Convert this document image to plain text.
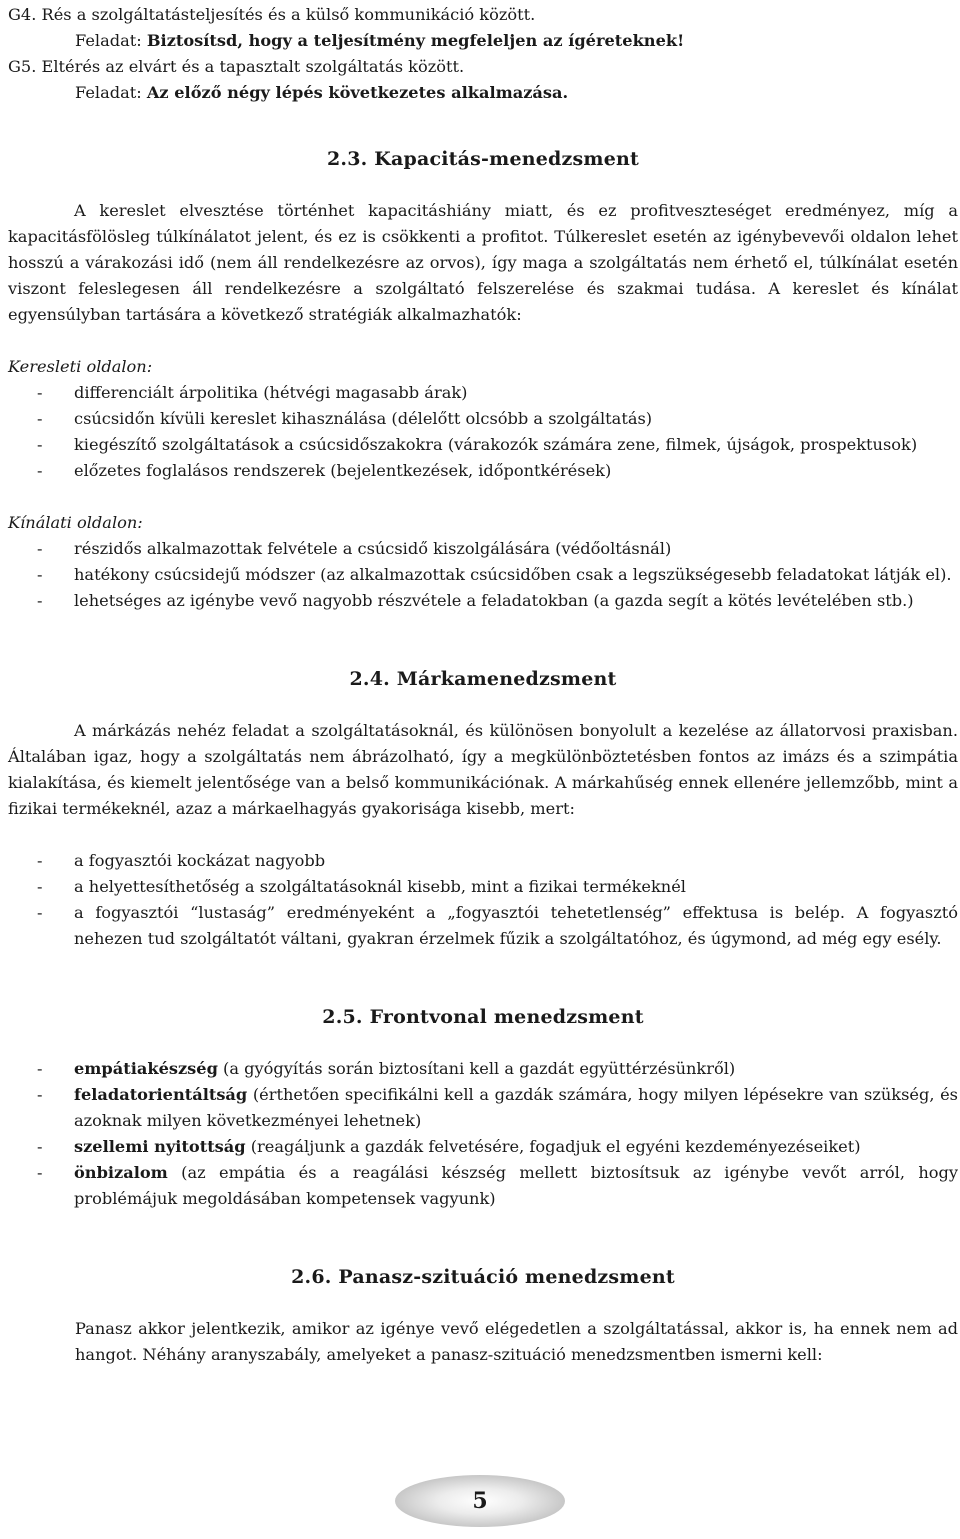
G4. Rés a szolgáltatásteljesítés és a külső kommunikáció között.
Feladat: Biztosítsd, hogy a teljesítmény megfeleljen az ígéreteknek!
G5. Eltérés az elvárt és a tapasztalt szolgáltatás között.
Feladat: Az előző négy lépés következetes alkalmazása.
2.3. Kapacitás-menedzsment
A kereslet elvesztése történhet kapacitáshiány miatt, és ez profitveszteséget eredményez, míg a kapacitásfölösleg túlkínálatot jelent, és ez is csökkenti a profitot. Túlkereslet esetén az igénybevevői oldalon lehet hosszú a várakozási idő (nem áll rendelkezésre az orvos), így maga a szolgáltatás nem érhető el, túlkínálat esetén viszont feleslegesen áll rendelkezésre a szolgáltató felszerelése és szakmai tudása. A kereslet és kínálat egyensúlyban tartására a következő stratégiák alkalmazhatók:
Keresleti oldalon:
- differenciált árpolitika (hétvégi magasabb árak)
- csúcsidőn kívüli kereslet kihasználása (délelőtt olcsóbb a szolgáltatás)
- kiegészítő szolgáltatások a csúcsidőszakokra (várakozók számára zene, filmek, újságok, prospektusok)
- előzetes foglalásos rendszerek (bejelentkezések, időpontkérések)
Kínálati oldalon:
- részidős alkalmazottak felvétele a csúcsidő kiszolgálására (védőoltásnál)
- hatékony csúcsidejű módszer (az alkalmazottak csúcsidőben csak a legszükségesebb feladatokat látják el).
- lehetséges az igénybe vevő nagyobb részvétele a feladatokban (a gazda segít a kötés levételében stb.)
2.4. Márkamenedzsment
A márkázás nehéz feladat a szolgáltatásoknál, és különösen bonyolult a kezelése az állatorvosi praxisban. Általában igaz, hogy a szolgáltatás nem ábrázolható, így a megkülönböztetésben fontos az imázs és a szimpátia kialakítása, és kiemelt jelentősége van a belső kommunikációnak. A márkahűség ennek ellenére jellemzőbb, mint a fizikai termékeknél, azaz a márkaelhagyás gyakorisága kisebb, mert:
- a fogyasztói kockázat nagyobb
- a helyettesíthetőség a szolgáltatásoknál kisebb, mint a fizikai termékeknél
- a fogyasztói “lustaság” eredményeként a „fogyasztói tehetetlenség” effektusa is belép. A fogyasztó nehezen tud szolgáltatót váltani, gyakran érzelmek fűzik a szolgáltatóhoz, és úgymond, ad még egy esély.
2.5. Frontvonal menedzsment
- empátiakészség (a gyógyítás során biztosítani kell a gazdát együttérzésünkről)
- feladatorientáltság (érthetően specifikálni kell a gazdák számára, hogy milyen lépésekre van szükség, és azoknak milyen következményei lehetnek)
- szellemi nyitottság (reagáljunk a gazdák felvetésére, fogadjuk el egyéni kezdeményezéseiket)
- önbizalom (az empátia és a reagálási készség mellett biztosítsuk az igénybe vevőt arról, hogy problémájuk megoldásában kompetensek vagyunk)
2.6. Panasz-szituáció menedzsment
Panasz akkor jelentkezik, amikor az igénye vevő elégedetlen a szolgáltatással, akkor is, ha ennek nem ad hangot. Néhány aranyszabály, amelyeket a panasz-szituáció menedzsmentben ismerni kell:
5
